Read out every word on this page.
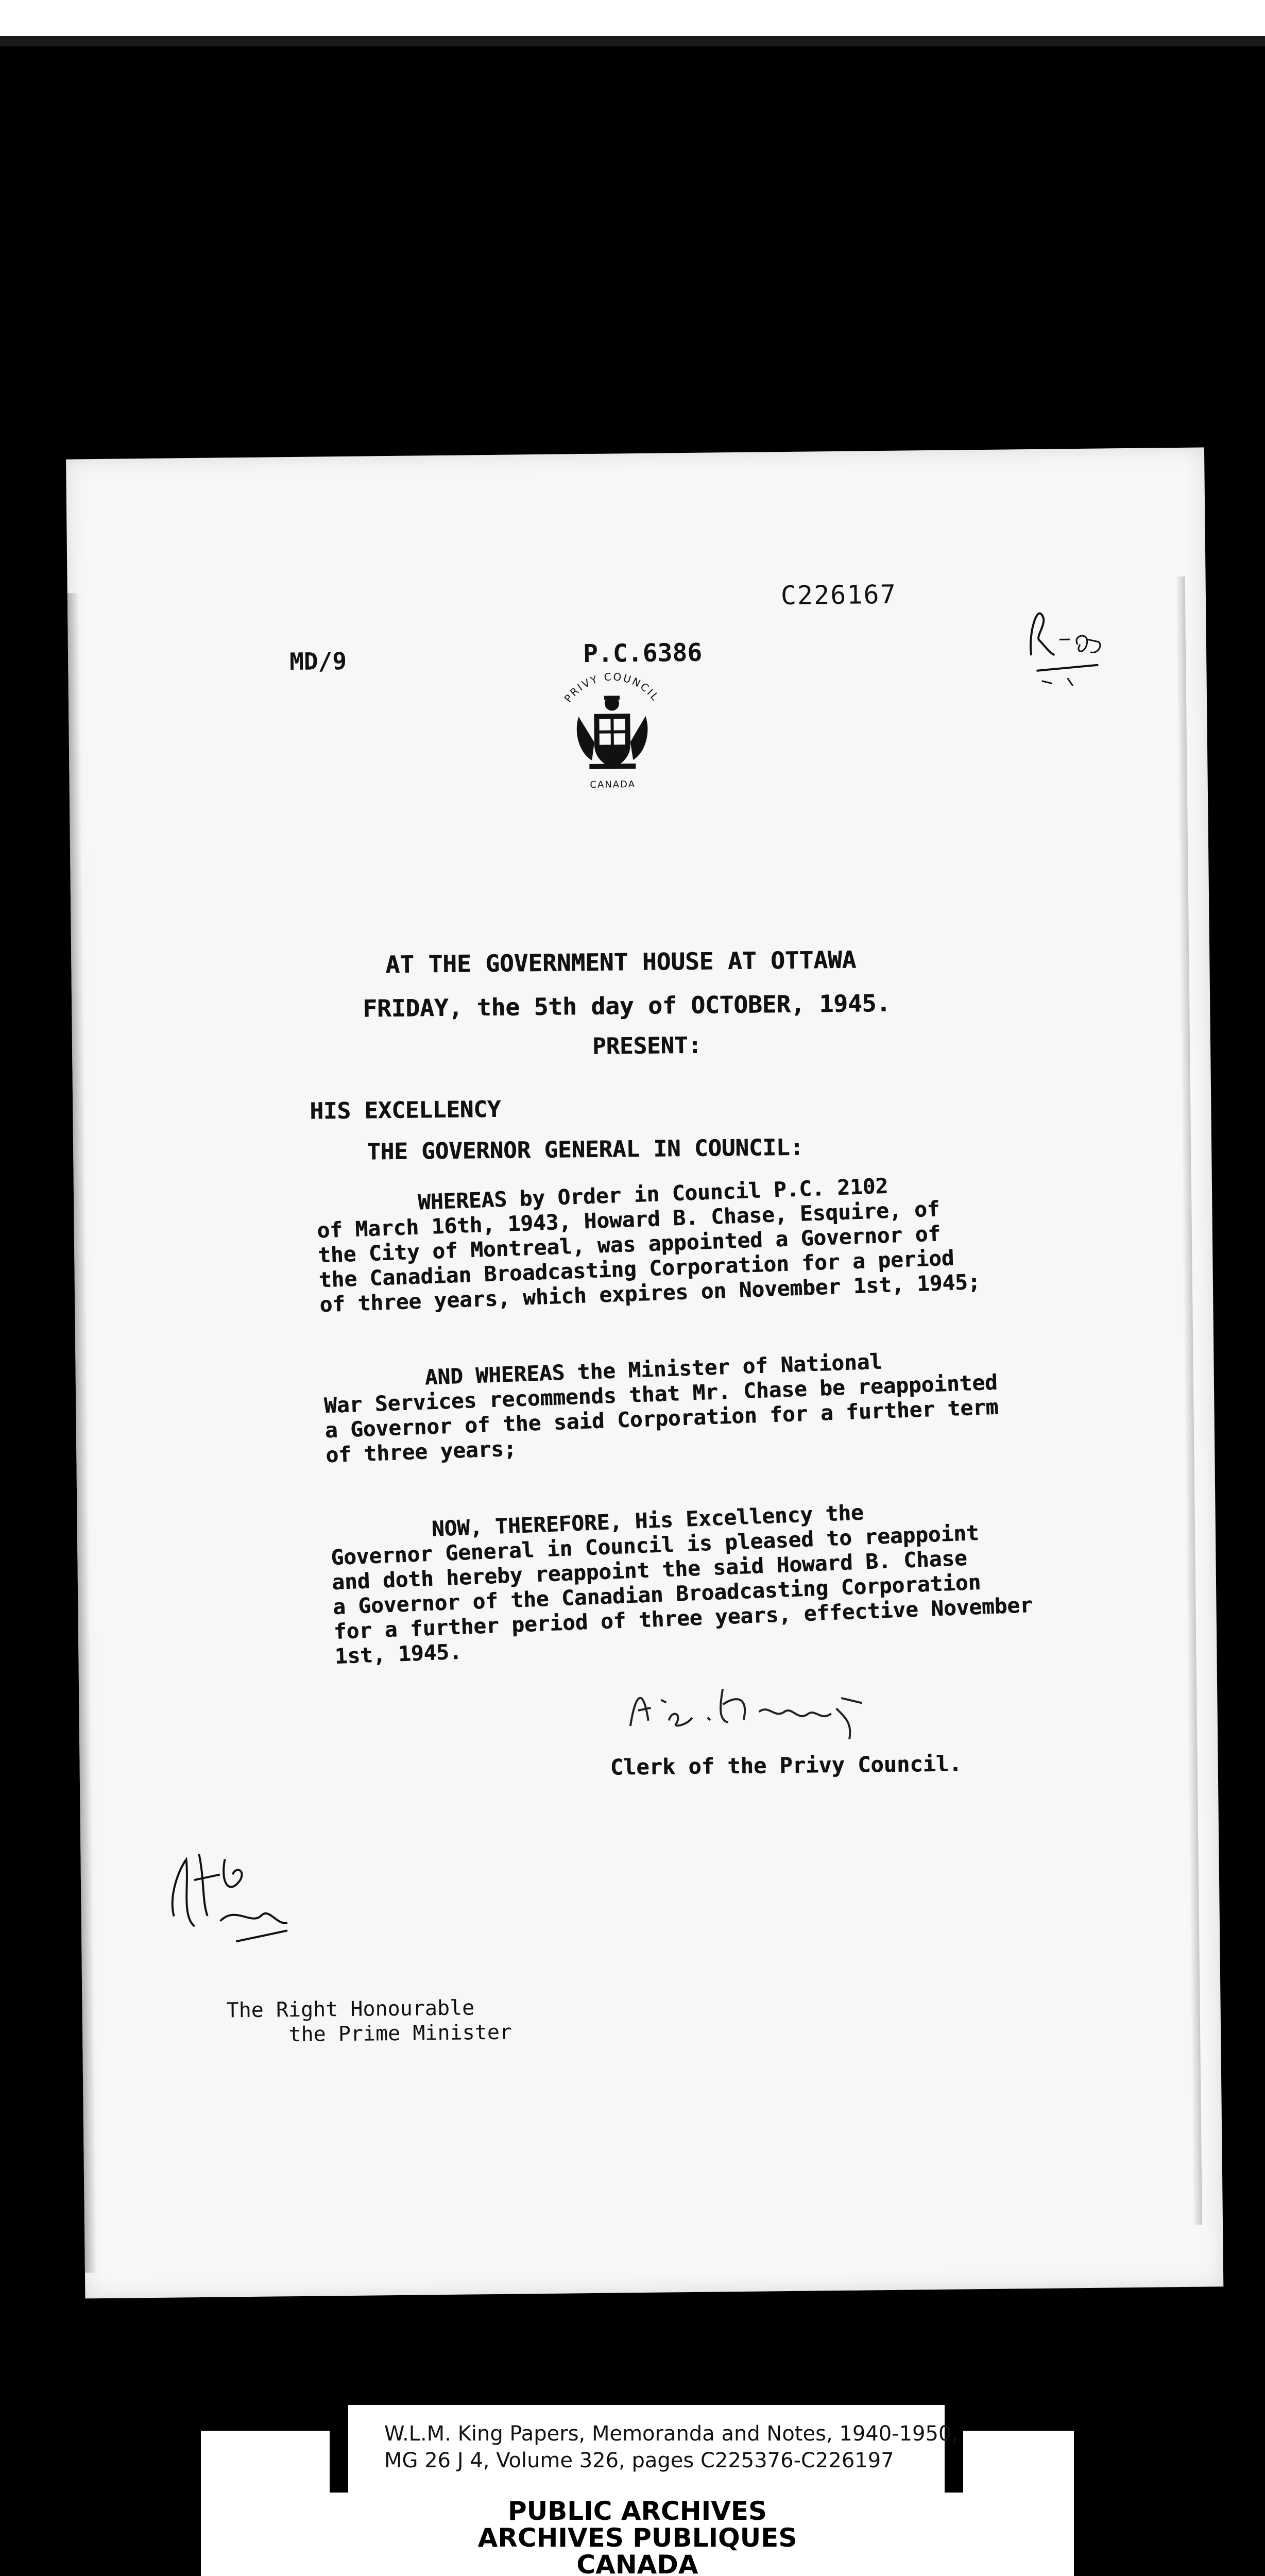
C226167
MD/9	P.C.6386
PRIVY COUNCIL
CANADA
AT THE GOVERNMENT HOUSE AT OTTAWA
FRIDAY, the 5th day of OCTOBER, 1945.
PRESENT:
HIS EXCELLENCY
THE GOVERNOR GENERAL IN COUNCIL:
WHEREAS by Order in Council P.C. 2102
of March 16th, 1943, Howard B. Chase, Esquire, of
the City of Montreal, was appointed a Governor of
the Canadian Broadcasting Corporation for a period
of three years, which expires on November 1st, 1945;
AND WHEREAS the Minister of National
War Services recommends that Mr. Chase be reappointed
a Governor of the said Corporation for a further term
of three years;
NOW, THEREFORE, His Excellency the
Governor General in Council is pleased to reappoint
and doth hereby reappoint the said Howard B. Chase
a Governor of the Canadian Broadcasting Corporation
for a further period of three years, effective November
1st, 1945.
Clerk of the Privy Council.
The Right Honourable
the Prime Minister
PUBLIC ARCHIVES
ARCHIVES PUBLIQUES
CANADA
W.L.M. King Papers, Memoranda and Notes, 1940-1950,
MG 26 J 4, Volume 326, pages C225376-C226197
